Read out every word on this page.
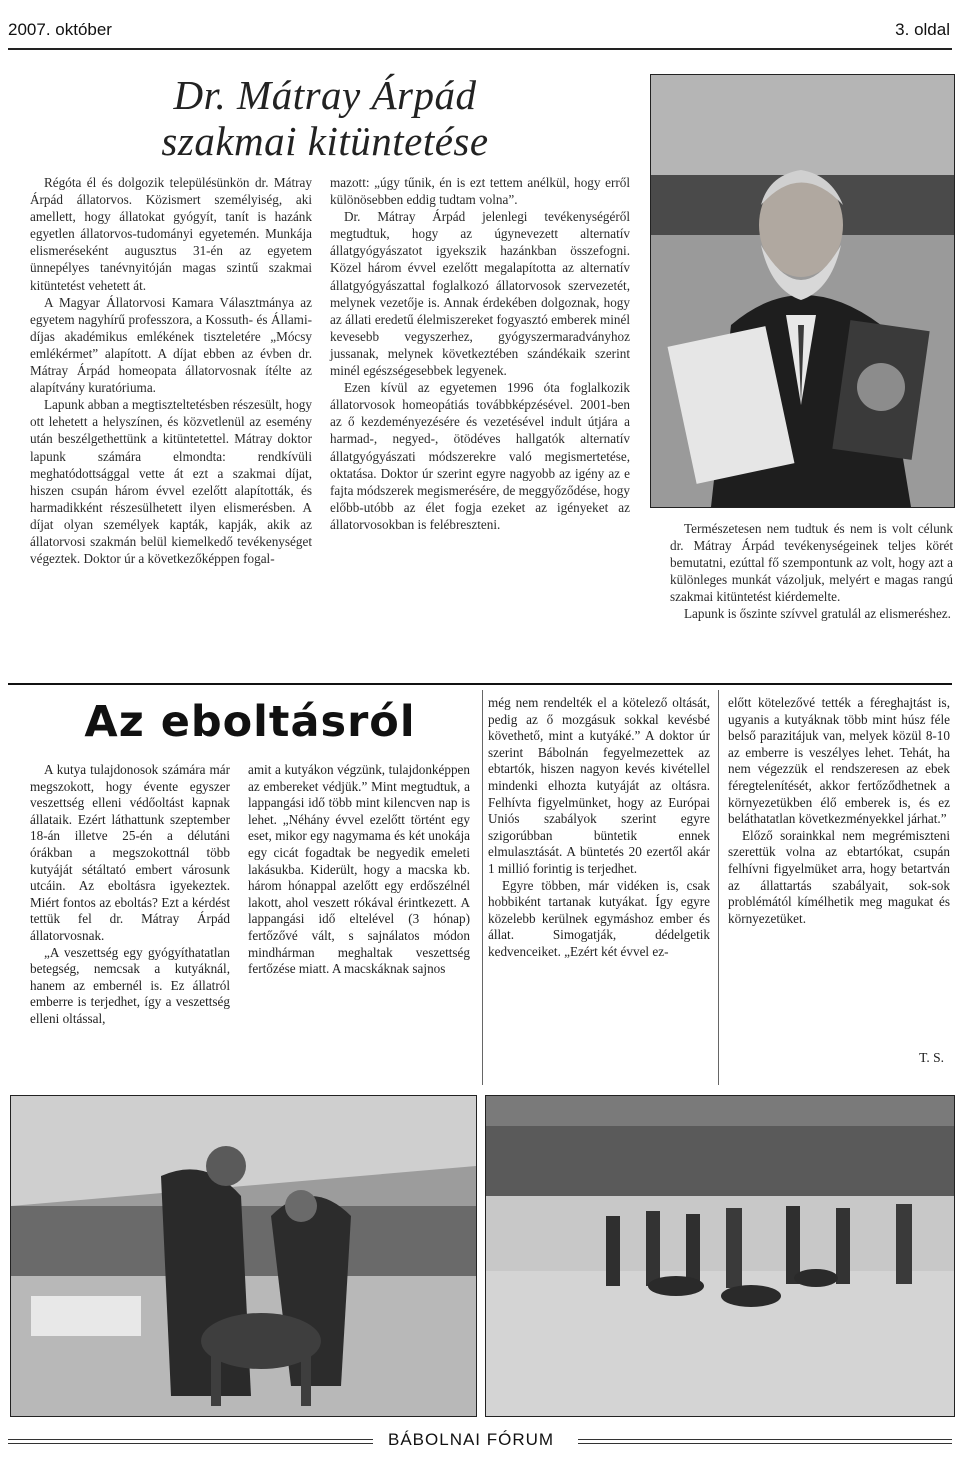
2007. október	3. oldal
Dr. Mátray Árpád
szakmai kitüntetése

Régóta él és dolgozik településünkön dr. Mátray Árpád állatorvos. Közismert személyiség, aki amellett, hogy állatokat gyógyít, tanít is hazánk egyetlen állatorvos-tudományi egyetemén. Munkája elismeréseként augusztus 31-én az egyetem ünnepélyes tanévnyitóján magas szintű szakmai kitüntetést vehetett át.

A Magyar Állatorvosi Kamara Választmánya az egyetem nagyhírű professzora, a Kossuth- és Állami-díjas akadémikus emlékének tiszteletére „Mócsy emlékérmet” alapított. A díjat ebben az évben dr. Mátray Árpád homeopata állatorvosnak ítélte az alapítvány kuratóriuma.

Lapunk abban a megtiszteltetésben részesült, hogy ott lehetett a helyszínen, és közvetlenül az esemény után beszélgethettünk a kitüntetettel. Mátray doktor lapunk számára elmondta: rendkívüli meghatódottsággal vette át ezt a szakmai díjat, hiszen csupán három évvel ezelőtt alapították, és harmadikként részesülhetett ilyen elismerésben. A díjat olyan személyek kapták, kapják, akik az állatorvosi szakmán belül kiemelkedő tevékenységet végeztek. Doktor úr a következőképpen fogal-

mazott: „úgy tűnik, én is ezt tettem anélkül, hogy erről különösebben eddig tudtam volna”.

Dr. Mátray Árpád jelenlegi tevékenységéről megtudtuk, hogy az úgynevezett alternatív állatgyógyászatot igyekszik hazánkban összefogni. Közel három évvel ezelőtt megalapította az alternatív állatgyógyászattal foglalkozó állatorvosok szervezetét, melynek vezetője is. Annak érdekében dolgoznak, hogy az állati eredetű élelmiszereket fogyasztó emberek minél kevesebb vegyszerhez, gyógyszermaradványhoz jussanak, melynek következtében szándékaik szerint minél egészségesebbek legyenek.

Ezen kívül az egyetemen 1996 óta foglalkozik állatorvosok homeopátiás továbbképzésével. 2001-ben az ő kezdeményezésére és vezetésével indult útjára a harmad-, negyed-, ötödéves hallgatók alternatív állatgyógyászati módszerekre való megismertetése, oktatása. Doktor úr szerint egyre nagyobb az igény az e fajta módszerek megismerésére, de meggyőződése, hogy előbb-utóbb az élet fogja ezeket az igényeket az állatorvosokban is felébreszteni.	Természetesen nem tudtuk és nem is volt célunk dr. Mátray Árpád tevékenységeinek teljes körét bemutatni, ezúttal fő szempontunk az volt, hogy azt a különleges munkát vázoljuk, melyért e magas rangú szakmai kitüntetést kiérdemelte.

Lapunk is őszinte szívvel gratulál az elismeréshez.

Az eboltásról

A kutya tulajdonosok számára már megszokott, hogy évente egyszer veszettség elleni védőoltást kapnak állataik. Ezért láthattunk szeptember 18-án illetve 25-én a délutáni órákban a megszokottnál több kutyáját sétáltató embert városunk utcáin. Az eboltásra igyekeztek. Miért fontos az eboltás? Ezt a kérdést tettük fel dr. Mátray Árpád állatorvosnak.

„A veszettség egy gyógyíthatatlan betegség, nemcsak a kutyáknál, hanem az embernél is. Ez állatról emberre is terjedhet, így a veszettség elleni oltással,

amit a kutyákon végzünk, tulajdonképpen az embereket védjük.” Mint megtudtuk, a lappangási idő több mint kilencven nap is lehet. „Néhány évvel ezelőtt történt egy eset, mikor egy nagymama és két unokája egy cicát fogadtak be negyedik emeleti lakásukba. Kiderült, hogy a macska kb. három hónappal azelőtt egy erdőszélnél lakott, ahol veszett rókával érintkezett. A lappangási idő eltelével (3 hónap) fertőzővé vált, s sajnálatos módon mindhárman meghaltak veszettség fertőzése miatt. A macskáknak sajnos

még nem rendelték el a kötelező oltását, pedig az ő mozgásuk sokkal kevésbé követhető, mint a kutyáké.” A doktor úr szerint Bábolnán fegyelmezettek az ebtartók, hiszen nagyon kevés kivétellel mindenki elhozta kutyáját az oltásra. Felhívta figyelmünket, hogy az Európai Uniós szabályok szerint egyre szigorúbban büntetik ennek elmulasztását. A büntetés 20 ezertől akár 1 millió forintig is terjedhet.

Egyre többen, már vidéken is, csak hobbiként tartanak kutyákat. Így egyre közelebb kerülnek egymáshoz ember és állat. Simogatják, dédelgetik kedvenceiket. „Ezért két évvel ez-

előtt kötelezővé tették a féreghajtást is, ugyanis a kutyáknak több mint húsz féle belső parazitájuk van, melyek közül 8-10 az emberre is veszélyes lehet. Tehát, ha nem végezzük el rendszeresen az ebek féregtelenítését, akkor fertőződhetnek a környezetükben élő emberek is, és ez beláthatatlan következményekkel járhat.”

Előző sorainkkal nem megrémiszteni szerettük volna az ebtartókat, csupán felhívni figyelmüket arra, hogy betartván az állattartás szabályait, sok-sok problémától kímélhetik meg magukat és környezetüket.

T. S.
BÁBOLNAI FÓRUM
